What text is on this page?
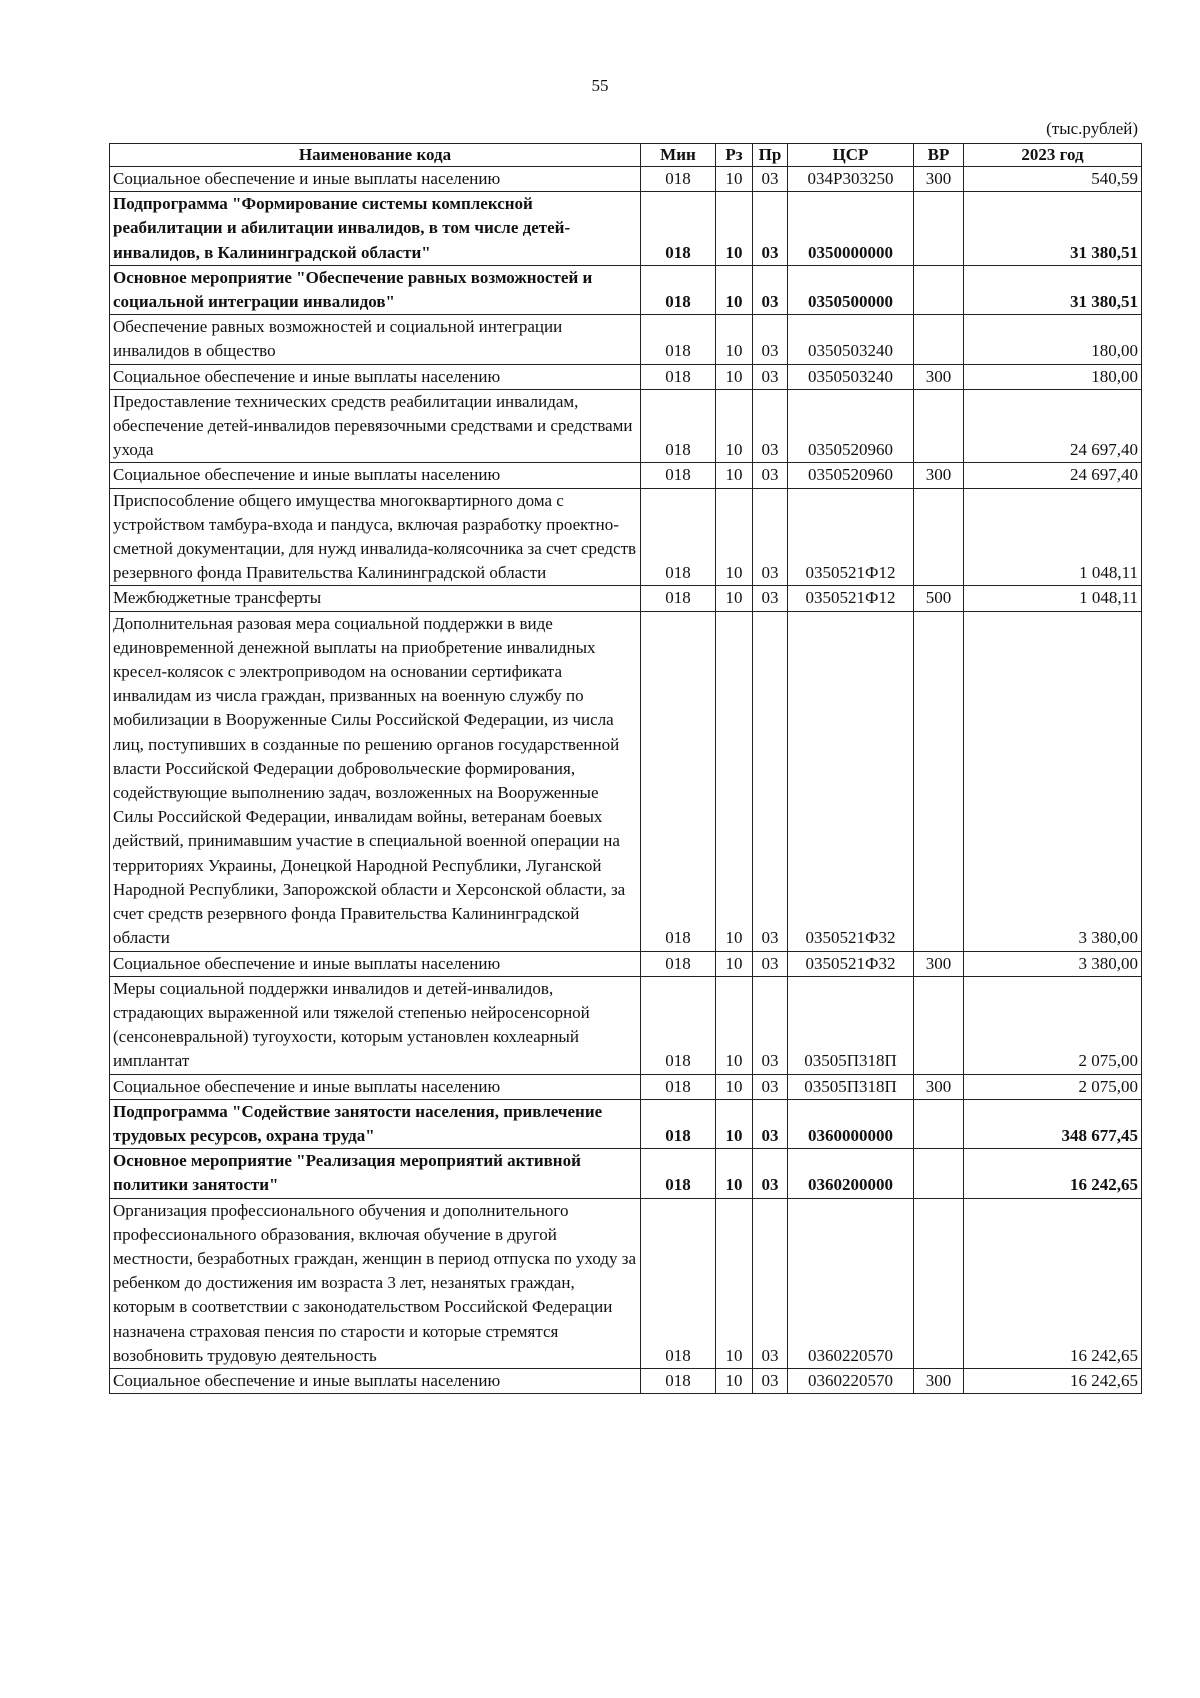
55
(тыс.рублей)
Наименование кода	Мин	Рз	Пр	ЦСР	ВР	2023 год
Социальное обеспечение и иные выплаты населению	018	10	03	034Р303250	300	540,59
Подпрограмма "Формирование системы комплексной реабилитации и абилитации инвалидов, в том числе детей-инвалидов, в Калининградской области"	018	10	03	0350000000		31 380,51
Основное мероприятие "Обеспечение равных возможностей и социальной интеграции инвалидов"	018	10	03	0350500000		31 380,51
Обеспечение равных возможностей и социальной интеграции инвалидов в общество	018	10	03	0350503240		180,00
Социальное обеспечение и иные выплаты населению	018	10	03	0350503240	300	180,00
Предоставление технических средств реабилитации инвалидам, обеспечение детей-инвалидов перевязочными средствами и средствами ухода	018	10	03	0350520960		24 697,40
Социальное обеспечение и иные выплаты населению	018	10	03	0350520960	300	24 697,40
Приспособление общего имущества многоквартирного дома с устройством тамбура-входа и пандуса, включая разработку проектно-сметной документации, для нужд инвалида-колясочника за счет средств резервного фонда Правительства Калининградской области	018	10	03	0350521Ф12		1 048,11
Межбюджетные трансферты	018	10	03	0350521Ф12	500	1 048,11
Дополнительная разовая мера социальной поддержки в виде единовременной денежной выплаты на приобретение инвалидных кресел-колясок с электроприводом на основании сертификата инвалидам из числа граждан, призванных на военную службу по мобилизации в Вооруженные Силы Российской Федерации, из числа лиц, поступивших в созданные по решению органов государственной власти Российской Федерации добровольческие формирования, содействующие выполнению задач, возложенных на Вооруженные Силы Российской Федерации, инвалидам войны, ветеранам боевых действий, принимавшим участие в специальной военной операции на территориях Украины, Донецкой Народной Республики, Луганской Народной Республики, Запорожской области и Херсонской области, за счет средств резервного фонда Правительства Калининградской области	018	10	03	0350521Ф32		3 380,00
Социальное обеспечение и иные выплаты населению	018	10	03	0350521Ф32	300	3 380,00
Меры социальной поддержки инвалидов и детей-инвалидов, страдающих выраженной или тяжелой степенью нейросенсорной (сенсоневральной) тугоухости, которым установлен кохлеарный имплантат	018	10	03	03505П318П		2 075,00
Социальное обеспечение и иные выплаты населению	018	10	03	03505П318П	300	2 075,00
Подпрограмма "Содействие занятости населения, привлечение трудовых ресурсов, охрана труда"	018	10	03	0360000000		348 677,45
Основное мероприятие "Реализация мероприятий активной политики занятости"	018	10	03	0360200000		16 242,65
Организация профессионального обучения и дополнительного профессионального образования, включая обучение в другой местности, безработных граждан, женщин в период отпуска по уходу за ребенком до достижения им возраста 3 лет, незанятых граждан, которым в соответствии с законодательством Российской Федерации назначена страховая пенсия по старости и которые стремятся возобновить трудовую деятельность	018	10	03	0360220570		16 242,65
Социальное обеспечение и иные выплаты населению	018	10	03	0360220570	300	16 242,65
